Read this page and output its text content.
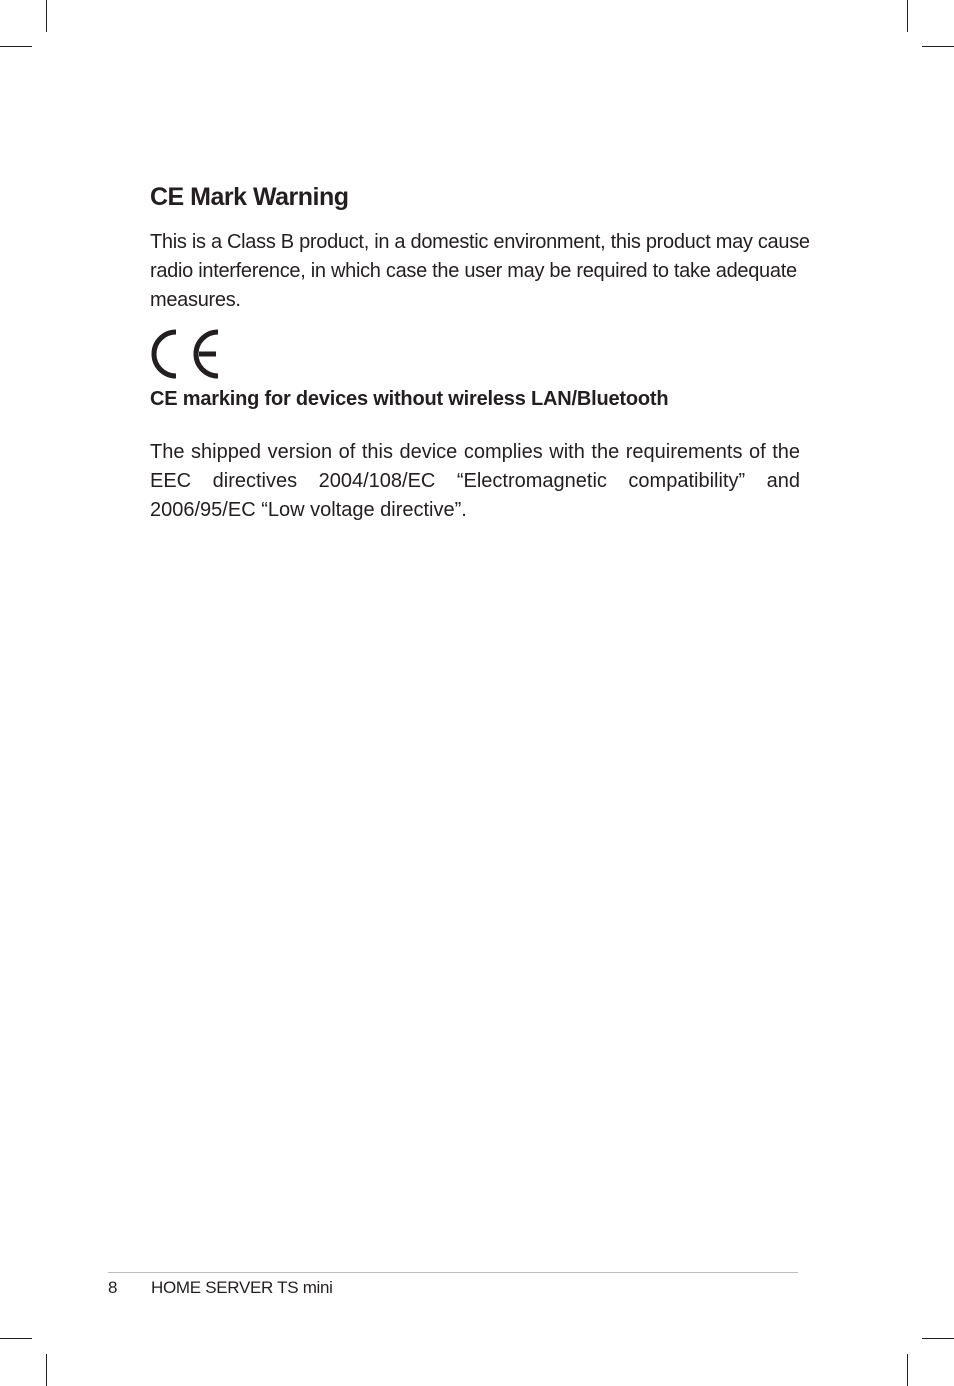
CE Mark Warning

This is a Class B product, in a domestic environment, this product may cause radio interference, in which case the user may be required to take adequate measures.

CE marking for devices without wireless LAN/Bluetooth

The shipped version of this device complies with the requirements of the EEC directives 2004/108/EC “Electromagnetic compatibility” and 2006/95/EC “Low voltage directive”.

8 HOME SERVER TS mini
